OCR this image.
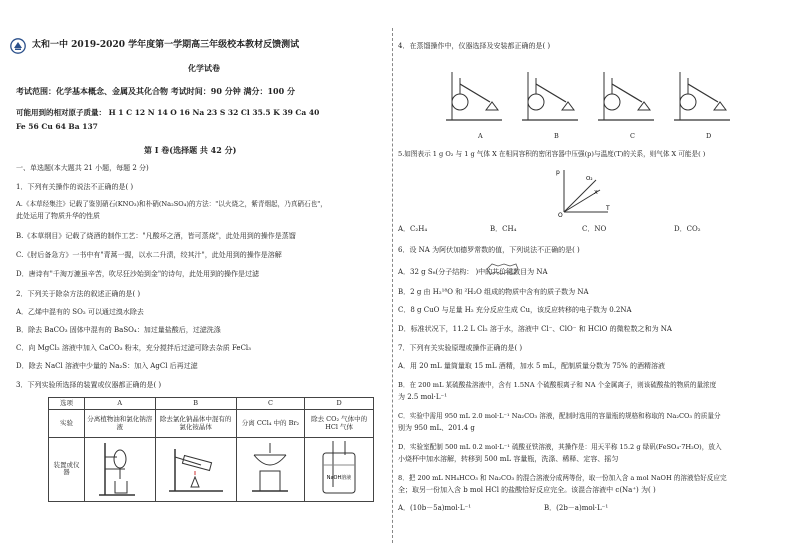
太和一中 2019-2020 学年度第一学期高三年级校本教材反馈测试
化学试卷
考试范围：化学基本概念、金属及其化合物 考试时间：90 分钟 满分：100 分
可能用到的相对原子质量： H 1 C 12 N 14 O 16 Na 23 S 32 Cl 35.5 K 39 Ca 40
Fe 56 Cu 64 Ba 137
第 I 卷(选择题 共 42 分)
一、单选题(本大题共 21 小题，每题 2 分)
1．下列有关操作的说法不正确的是( )
A.《本草经集注》记载了鉴别硝石(KNO₃)和朴硝(Na₂SO₄)的方法："以火烧之，紫青烟起，乃真硝石也"，
此处运用了物质升华的性质
B.《本草纲目》记载了烧酒的制作工艺："凡酸坏之酒，皆可蒸烧"，此处用到的操作是蒸馏
C.《肘后备急方》一书中有"青蒿一握，以水二升渍，绞其汁"，此处用到的操作是溶解
D．唐诗有"千淘万漉虽辛苦，吹尽狂沙始到金"的诗句，此处用到的操作是过滤
2．下列关于除杂方法的叙述正确的是( )
A．乙烯中混有的 SO₂ 可以通过溴水除去
B．除去 BaCO₃ 固体中混有的 BaSO₄：加过量盐酸后，过滤洗涤
C．向 MgCl₂ 溶液中加入 CaCO₃ 粉末，充分搅拌后过滤可除去杂质 FeCl₃
D．除去 NaCl 溶液中少量的 Na₂S：加入 AgCl 后再过滤
3．下列实验所选择的装置或仪器都正确的是( )
选项	A	B	C	D
实验	分离植物油和氯化钠溶液	除去氯化钠晶体中混有的氯化铵晶体	分离 CCl₄ 中的 Br₂	除去 CO₂ 气体中的 HCl 气体
装置或仪器				NaOH溶液
4．在蒸馏操作中，仪器选择及安装都正确的是( )
A	B	C	D
5.如图表示 1 g O₂ 与 1 g 气体 X 在相同容积的密闭容器中压强(p)与温度(T)的关系，则气体 X 可能是( )
p
T
O
O₂
X
A．C₂H₄	B．CH₄	C．NO	D．CO₂
6．设 NA 为阿伏加德罗常数的值，下列说法不正确的是( )
A．32 g S₈(分子结构： )中的共价键数目为 NA
B．2 g 由 H₂¹⁸O 和 ²H₂O 组成的物质中含有的质子数为 NA
C．8 g CuO 与足量 H₂ 充分反应生成 Cu，该反应转移的电子数为 0.2NA
D．标准状况下，11.2 L Cl₂ 溶于水，溶液中 Cl⁻、ClO⁻ 和 HClO 的微粒数之和为 NA
7．下列有关实验原理或操作正确的是( )
A．用 20 mL 量筒量取 15 mL 酒精，加水 5 mL，配制质量分数为 75% 的酒精溶液
B．在 200 mL 某硫酸盐溶液中，含有 1.5NA 个硫酸根离子和 NA 个金属离子，则该硫酸盐的物质的量浓度
为 2.5 mol·L⁻¹
C．实验中需用 950 mL 2.0 mol·L⁻¹ Na₂CO₃ 溶液，配制时选用的容量瓶的规格和称取的 Na₂CO₃ 的质量分
别为 950 mL、201.4 g
D．实验室配制 500 mL 0.2 mol·L⁻¹ 硫酸亚铁溶液，其操作是：用天平称 15.2 g 绿矾(FeSO₄·7H₂O)，放入
小烧杯中加水溶解，转移到 500 mL 容量瓶，洗涤、稀释、定容、摇匀
8．把 200 mL NH₄HCO₃ 和 Na₂CO₃ 的混合溶液分成两等份，取一份加入含 a mol NaOH 的溶液恰好反应完
全；取另一份加入含 b mol HCl 的盐酸恰好反应完全。该混合溶液中 c(Na⁺) 为( )
A．(10b－5a)mol·L⁻¹	B．(2b－a)mol·L⁻¹
